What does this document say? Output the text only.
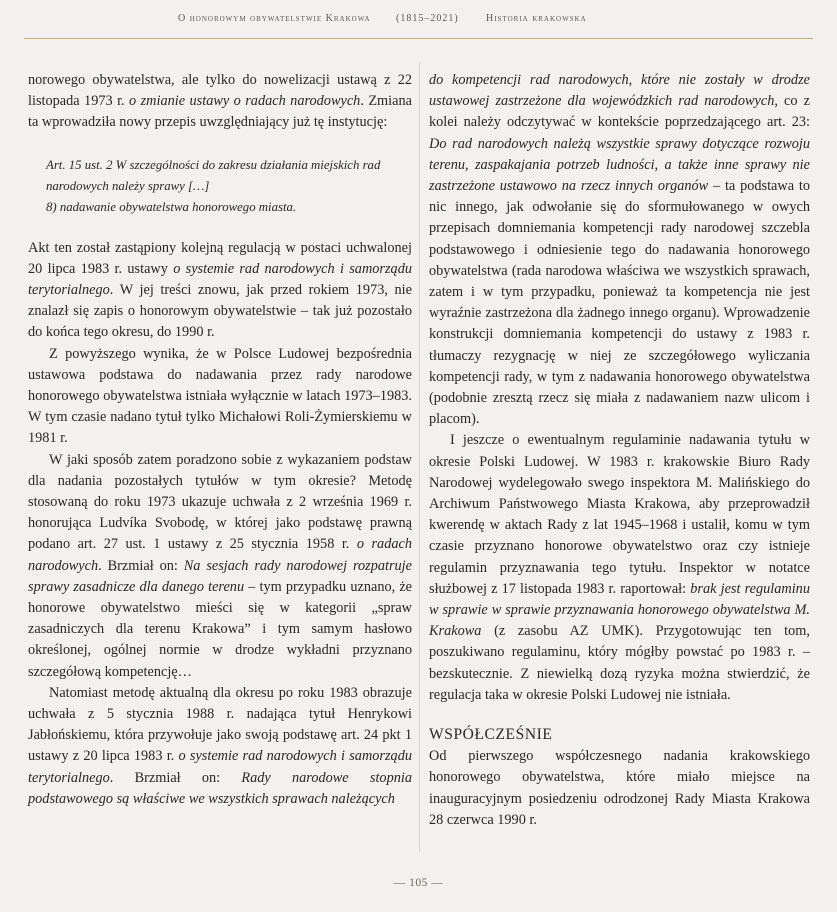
O honorowym obywatelstwie Krakowa	(1815–2021)	Historia krakowska

norowego obywatelstwa, ale tylko do nowelizacji ustawą z 22 listopada 1973 r. o zmianie ustawy o radach narodowych. Zmiana ta wprowadziła nowy przepis uwzględniający już tę instytucję:

Art. 15 ust. 2 W szczególności do zakresu działania miejskich rad narodowych należy sprawy […]
8) nadawanie obywatelstwa honorowego miasta.

Akt ten został zastąpiony kolejną regulacją w postaci uchwalonej 20 lipca 1983 r. ustawy o systemie rad narodowych i samorządu terytorialnego. W jej treści znowu, jak przed rokiem 1973, nie znalazł się zapis o honorowym obywatelstwie – tak już pozostało do końca tego okresu, do 1990 r.

Z powyższego wynika, że w Polsce Ludowej bezpośrednia ustawowa podstawa do nadawania przez rady narodowe honorowego obywatelstwa istniała wyłącznie w latach 1973–1983. W tym czasie nadano tytuł tylko Michałowi Roli-Żymierskiemu w 1981 r.

W jaki sposób zatem poradzono sobie z wykazaniem podstaw dla nadania pozostałych tytułów w tym okresie? Metodę stosowaną do roku 1973 ukazuje uchwała z 2 września 1969 r. honorująca Ludvíka Svobodę, w której jako podstawę prawną podano art. 27 ust. 1 ustawy z 25 stycznia 1958 r. o radach narodowych. Brzmiał on: Na sesjach rady narodowej rozpatruje sprawy zasadnicze dla danego terenu – tym przypadku uznano, że honorowe obywatelstwo mieści się w kategorii „spraw zasadniczych dla terenu Krakowa” i tym samym hasłowo określonej, ogólnej normie w drodze wykładni przyznano szczegółową kompetencję…

Natomiast metodę aktualną dla okresu po roku 1983 obrazuje uchwała z 5 stycznia 1988 r. nadająca tytuł Henrykowi Jabłońskiemu, która przywołuje jako swoją podstawę art. 24 pkt 1 ustawy z 20 lipca 1983 r. o systemie rad narodowych i samorządu terytorialnego. Brzmiał on: Rady narodowe stopnia podstawowego są właściwe we wszystkich sprawach należących

do kompetencji rad narodowych, które nie zostały w drodze ustawowej zastrzeżone dla wojewódzkich rad narodowych, co z kolei należy odczytywać w kontekście poprzedzającego art. 23: Do rad narodowych należą wszystkie sprawy dotyczące rozwoju terenu, zaspakajania potrzeb ludności, a także inne sprawy nie zastrzeżone ustawowo na rzecz innych organów – ta podstawa to nic innego, jak odwołanie się do sformułowanego w owych przepisach domniemania kompetencji rady narodowej szczebla podstawowego i odniesienie tego do nadawania honorowego obywatelstwa (rada narodowa właściwa we wszystkich sprawach, zatem i w tym przypadku, ponieważ ta kompetencja nie jest wyraźnie zastrzeżona dla żadnego innego organu). Wprowadzenie konstrukcji domniemania kompetencji do ustawy z 1983 r. tłumaczy rezygnację w niej ze szczegółowego wyliczania kompetencji rady, w tym z nadawania honorowego obywatelstwa (podobnie zresztą rzecz się miała z nadawaniem nazw ulicom i placom).

I jeszcze o ewentualnym regulaminie nadawania tytułu w okresie Polski Ludowej. W 1983 r. krakowskie Biuro Rady Narodowej wydelegowało swego inspektora M. Malińskiego do Archiwum Państwowego Miasta Krakowa, aby przeprowadził kwerendę w aktach Rady z lat 1945–1968 i ustalił, komu w tym czasie przyznano honorowe obywatelstwo oraz czy istnieje regulamin przyznawania tego tytułu. Inspektor w notatce służbowej z 17 listopada 1983 r. raportował: brak jest regulaminu w sprawie w sprawie przyznawania honorowego obywatelstwa M. Krakowa (z zasobu AZ UMK). Przygotowując ten tom, poszukiwano regulaminu, który mógłby powstać po 1983 r. – bezskutecznie. Z niewielką dozą ryzyka można stwierdzić, że regulacja taka w okresie Polski Ludowej nie istniała.

WSPÓŁCZEŚNIE

Od pierwszego współczesnego nadania krakowskiego honorowego obywatelstwa, które miało miejsce na inauguracyjnym posiedzeniu odrodzonej Rady Miasta Krakowa 28 czerwca 1990 r.

— 105 —
